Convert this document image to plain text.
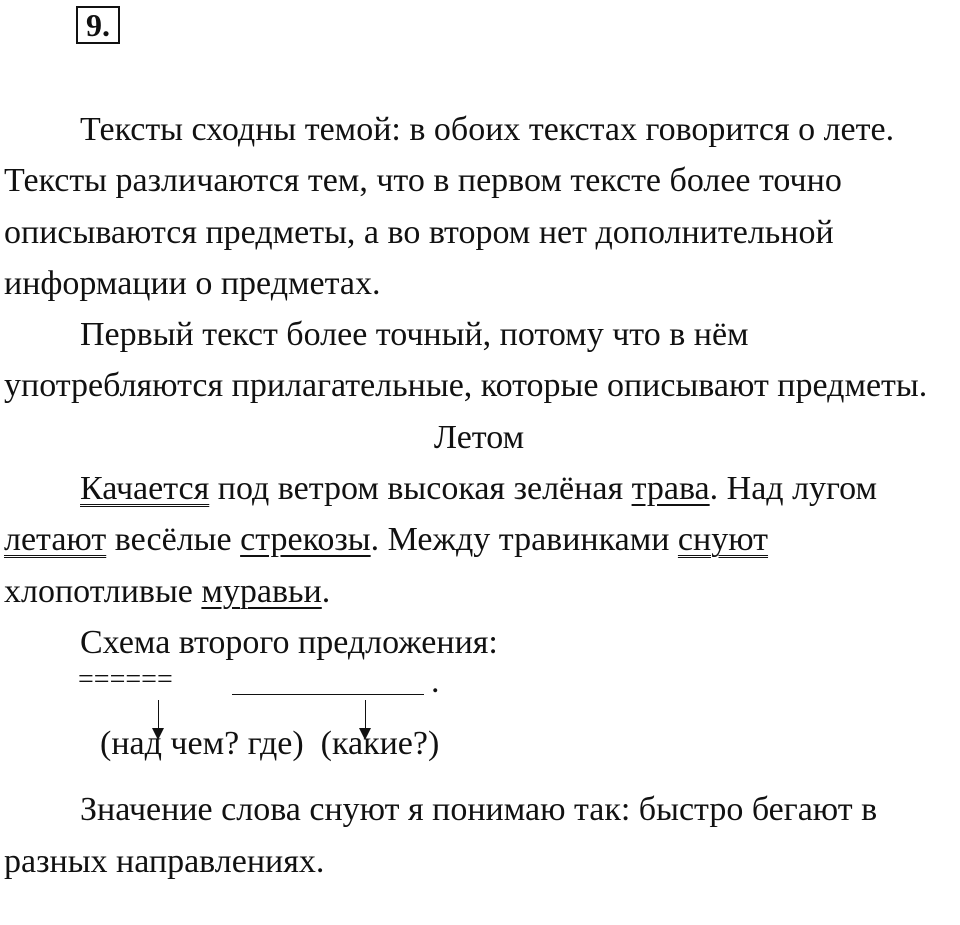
9.

Тексты сходны темой: в обоих текстах говорится о лете. Тексты различаются тем, что в первом тексте более точно описываются предметы, а во втором нет дополнительной информации о предметах.

Первый текст более точный, потому что в нём употребляются прилагательные, которые описывают предметы.

Летом

Качается под ветром высокая зелёная трава. Над лугом летают весёлые стрекозы. Между травинками снуют хлопотливые муравьи.

Схема второго предложения:

======	.
(над чем? где)  (какие?)

Значение слова снуют я понимаю так: быстро бегают в разных направлениях.
